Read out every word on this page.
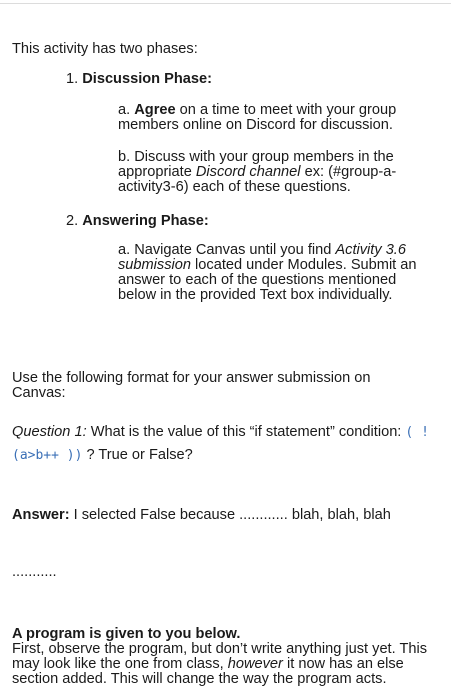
This activity has two phases:
1. Discussion Phase:
a. Agree on a time to meet with your group members online on Discord for discussion.
b. Discuss with your group members in the appropriate Discord channel ex: (#group-a-activity3-6) each of these questions.
2. Answering Phase:
a. Navigate Canvas until you find Activity 3.6 submission located under Modules. Submit an answer to each of the questions mentioned below in the provided Text box individually.
Use the following format for your answer submission on Canvas:
Question 1: What is the value of this “if statement” condition: ( !(a>b++ )) ? True or False?
Answer: I selected False because ............ blah, blah, blah
...........
A program is given to you below.
First, observe the program, but don’t write anything just yet. This may look like the one from class, however it now has an else section added. This will change the way the program acts.
